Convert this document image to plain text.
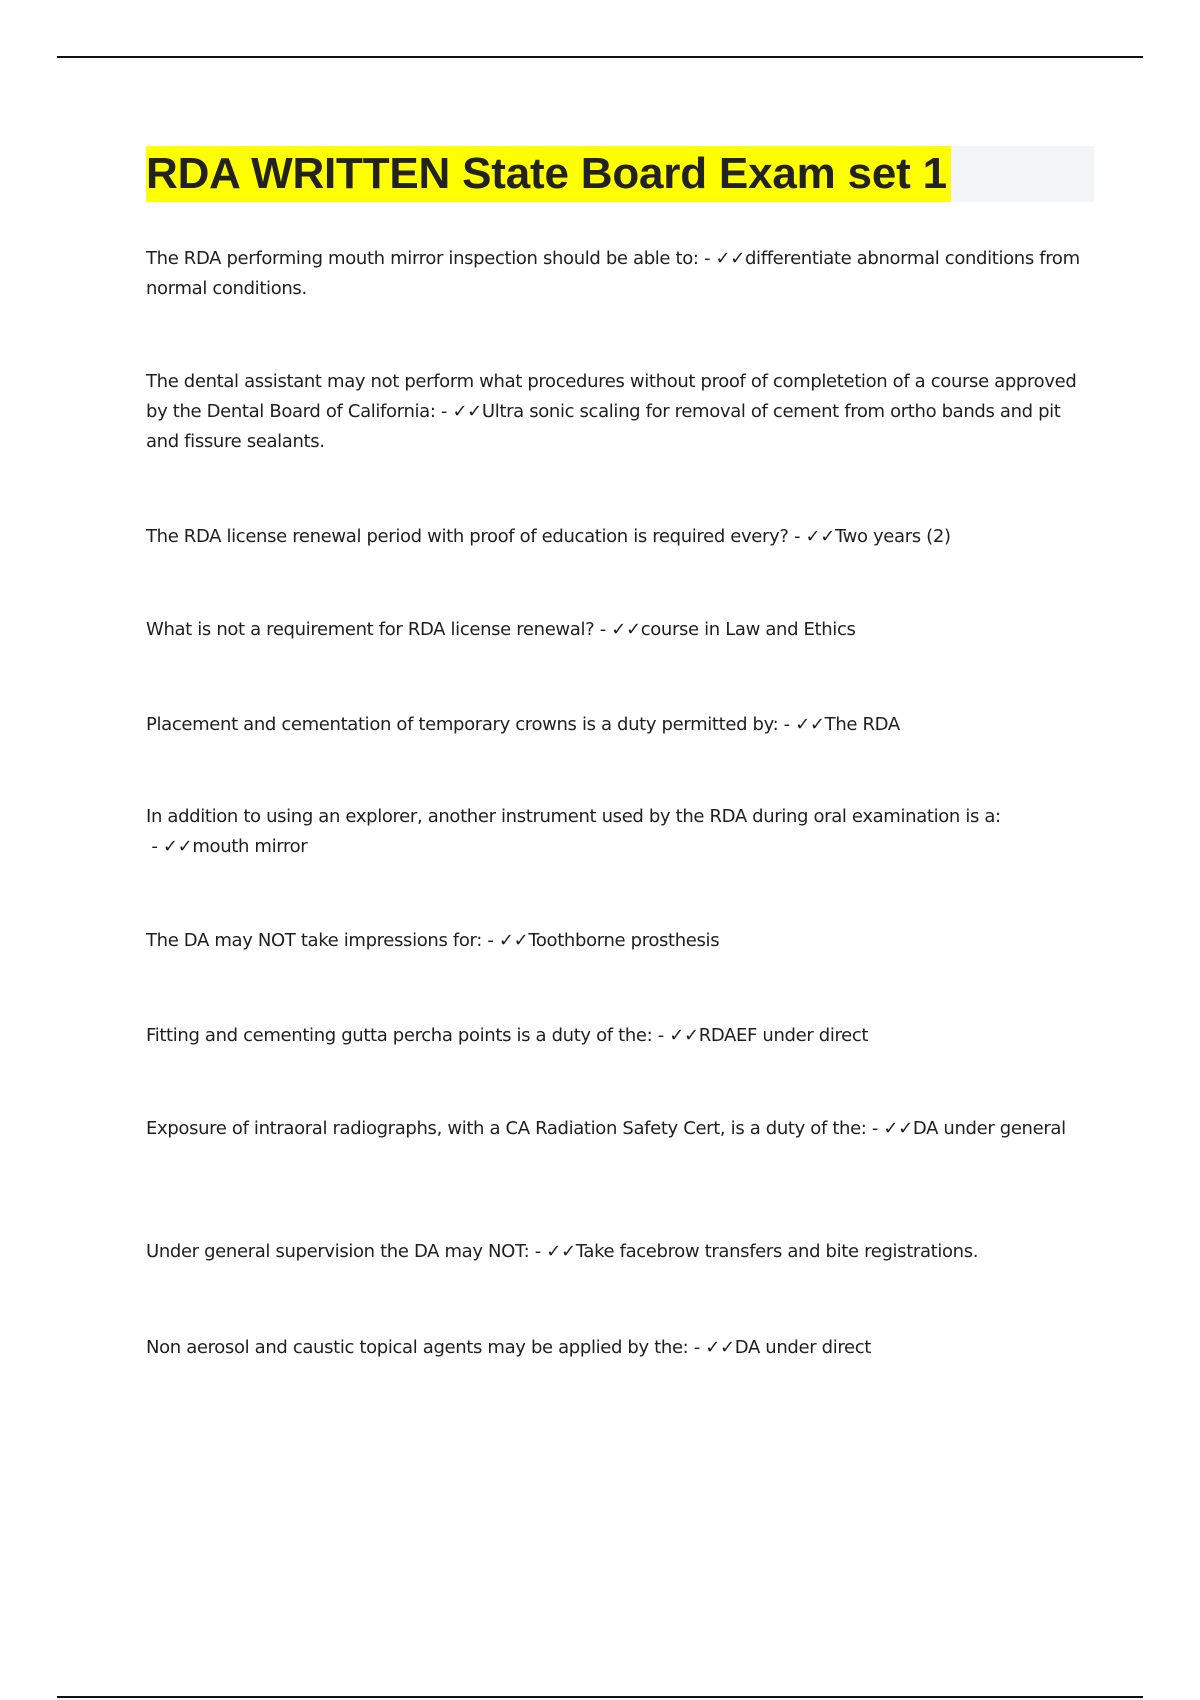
RDA WRITTEN State Board Exam set 1

The RDA performing mouth mirror inspection should be able to: - ✓✓differentiate abnormal conditions from normal conditions.

The dental assistant may not perform what procedures without proof of completetion of a course approved by the Dental Board of California: - ✓✓Ultra sonic scaling for removal of cement from ortho bands and pit and fissure sealants.

The RDA license renewal period with proof of education is required every? - ✓✓Two years (2)

What is not a requirement for RDA license renewal? - ✓✓course in Law and Ethics

Placement and cementation of temporary crowns is a duty permitted by: - ✓✓The RDA

In addition to using an explorer, another instrument used by the RDA during oral examination is a: - ✓✓mouth mirror

The DA may NOT take impressions for: - ✓✓Toothborne prosthesis

Fitting and cementing gutta percha points is a duty of the: - ✓✓RDAEF under direct

Exposure of intraoral radiographs, with a CA Radiation Safety Cert, is a duty of the: - ✓✓DA under general

Under general supervision the DA may NOT: - ✓✓Take facebrow transfers and bite registrations.

Non aerosol and caustic topical agents may be applied by the: - ✓✓DA under direct
